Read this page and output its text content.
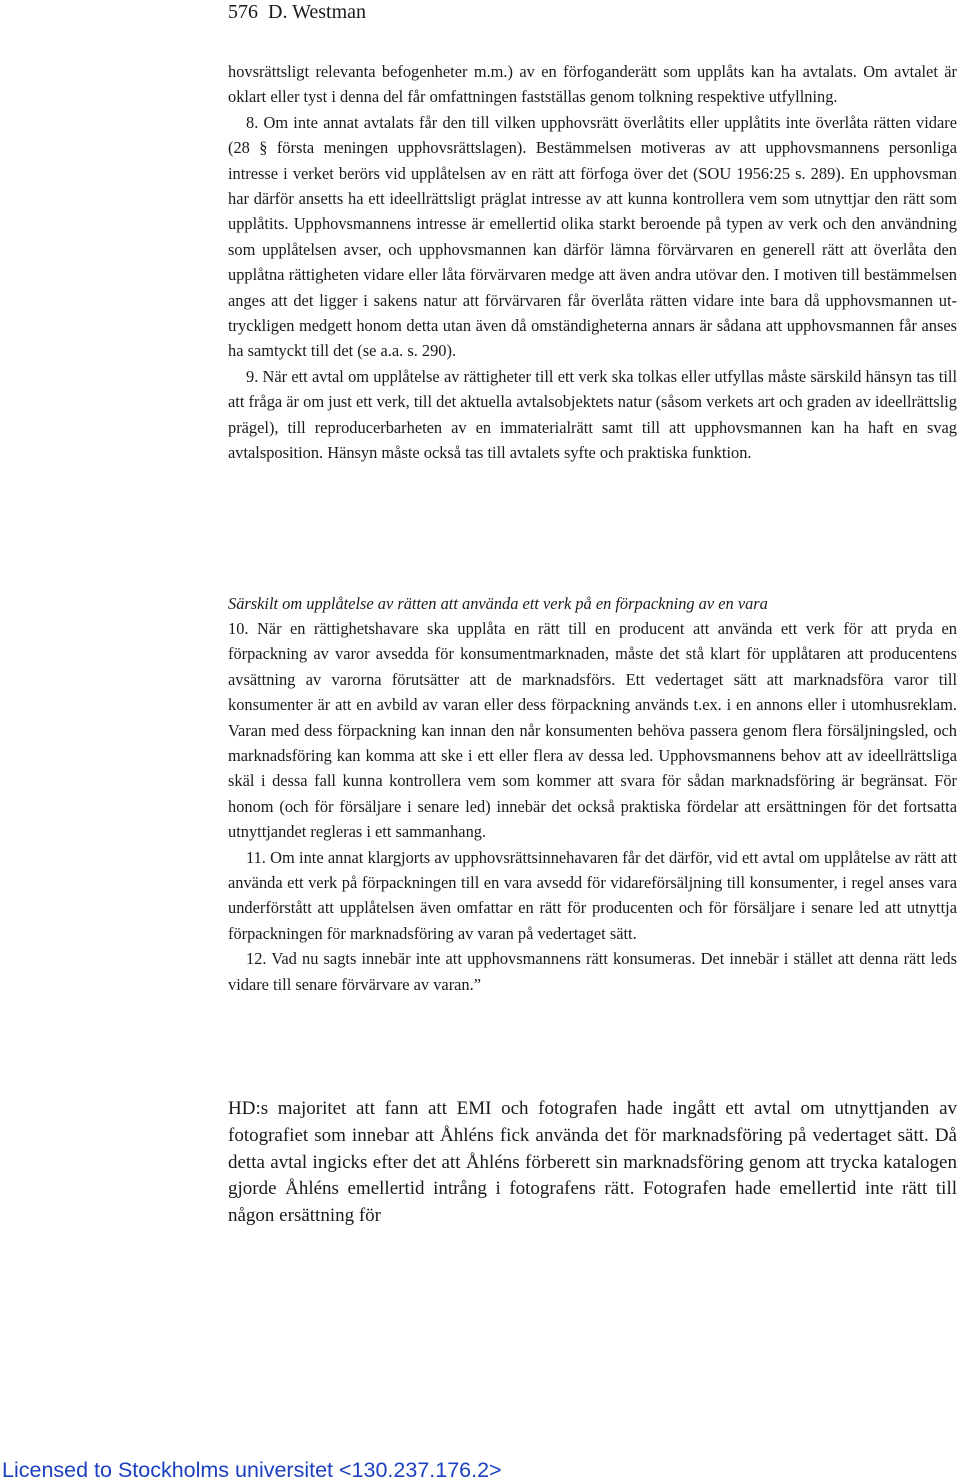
576 D. Westman

hovsrättsligt relevanta befogenheter m.m.) av en förfoganderätt som upplåts kan ha avtalats. Om avtalet är oklart eller tyst i denna del får omfattningen fastställas genom tolkning respektive utfyllning.

8. Om inte annat avtalats får den till vilken upphovsrätt överlåtits eller upplåtits inte överlåta rätten vidare (28 § första meningen upphovsrättslagen). Bestämmelsen motiveras av att upphovsmannens personliga intresse i verket berörs vid upplåtelsen av en rätt att förfoga över det (SOU 1956:25 s. 289). En upphovsman har därför ansetts ha ett ideellrättsligt präglat intresse av att kunna kontrollera vem som utnyttjar den rätt som upplåtits. Upphovsmannens intresse är emellertid olika starkt beroende på typen av verk och den användning som upplåtelsen avser, och upphovsmannen kan därför lämna förvärvaren en generell rätt att överlåta den upplåtna rättigheten vidare eller låta förvärvaren medge att även andra utövar den. I motiven till bestämmelsen anges att det ligger i sakens natur att förvärvaren får överlåta rätten vidare inte bara då upphovsmannen uttryckligen medgett honom detta utan även då omständigheterna annars är sådana att upphovsmannen får anses ha samtyckt till det (se a.a. s. 290).

9. När ett avtal om upplåtelse av rättigheter till ett verk ska tolkas eller utfyllas måste särskild hänsyn tas till att fråga är om just ett verk, till det aktuella avtalsobjektets natur (såsom verkets art och graden av ideellrättslig prägel), till reproducerbarheten av en immaterialrätt samt till att upphovsmannen kan ha haft en svag avtalsposition. Hänsyn måste också tas till avtalets syfte och praktiska funktion.

Särskilt om upplåtelse av rätten att använda ett verk på en förpackning av en vara

10. När en rättighetshavare ska upplåta en rätt till en producent att använda ett verk för att pryda en förpackning av varor avsedda för konsumentmarknaden, måste det stå klart för upplåtaren att producentens avsättning av varorna förutsätter att de marknadsförs. Ett vedertaget sätt att marknadsföra varor till konsumenter är att en avbild av varan eller dess förpackning används t.ex. i en annons eller i utomhusreklam. Varan med dess förpackning kan innan den når konsumenten behöva passera genom flera försäljningsled, och marknadsföring kan komma att ske i ett eller flera av dessa led. Upphovsmannens behov att av ideellrättsliga skäl i dessa fall kunna kontrollera vem som kommer att svara för sådan marknadsföring är begränsat. För honom (och för försäljare i senare led) innebär det också praktiska fördelar att ersättningen för det fortsatta utnyttjandet regleras i ett sammanhang.

11. Om inte annat klargjorts av upphovsrättsinnehavaren får det därför, vid ett avtal om upplåtelse av rätt att använda ett verk på förpackningen till en vara avsedd för vidareförsäljning till konsumenter, i regel anses vara underförstått att upplåtelsen även omfattar en rätt för producenten och för försäljare i senare led att utnyttja förpackningen för marknadsföring av varan på vedertaget sätt.

12. Vad nu sagts innebär inte att upphovsmannens rätt konsumeras. Det innebär i stället att denna rätt leds vidare till senare förvärvare av varan.”

HD:s majoritet att fann att EMI och fotografen hade ingått ett avtal om utnyttjanden av fotografiet som innebar att Åhléns fick använda det för marknadsföring på vedertaget sätt. Då detta avtal ingicks efter det att Åhléns förberett sin marknadsföring genom att trycka katalogen gjorde Åhléns emellertid intrång i fotografens rätt. Fotografen hade emellertid inte rätt till någon ersättning för

Licensed to Stockholms universitet <130.237.176.2>
